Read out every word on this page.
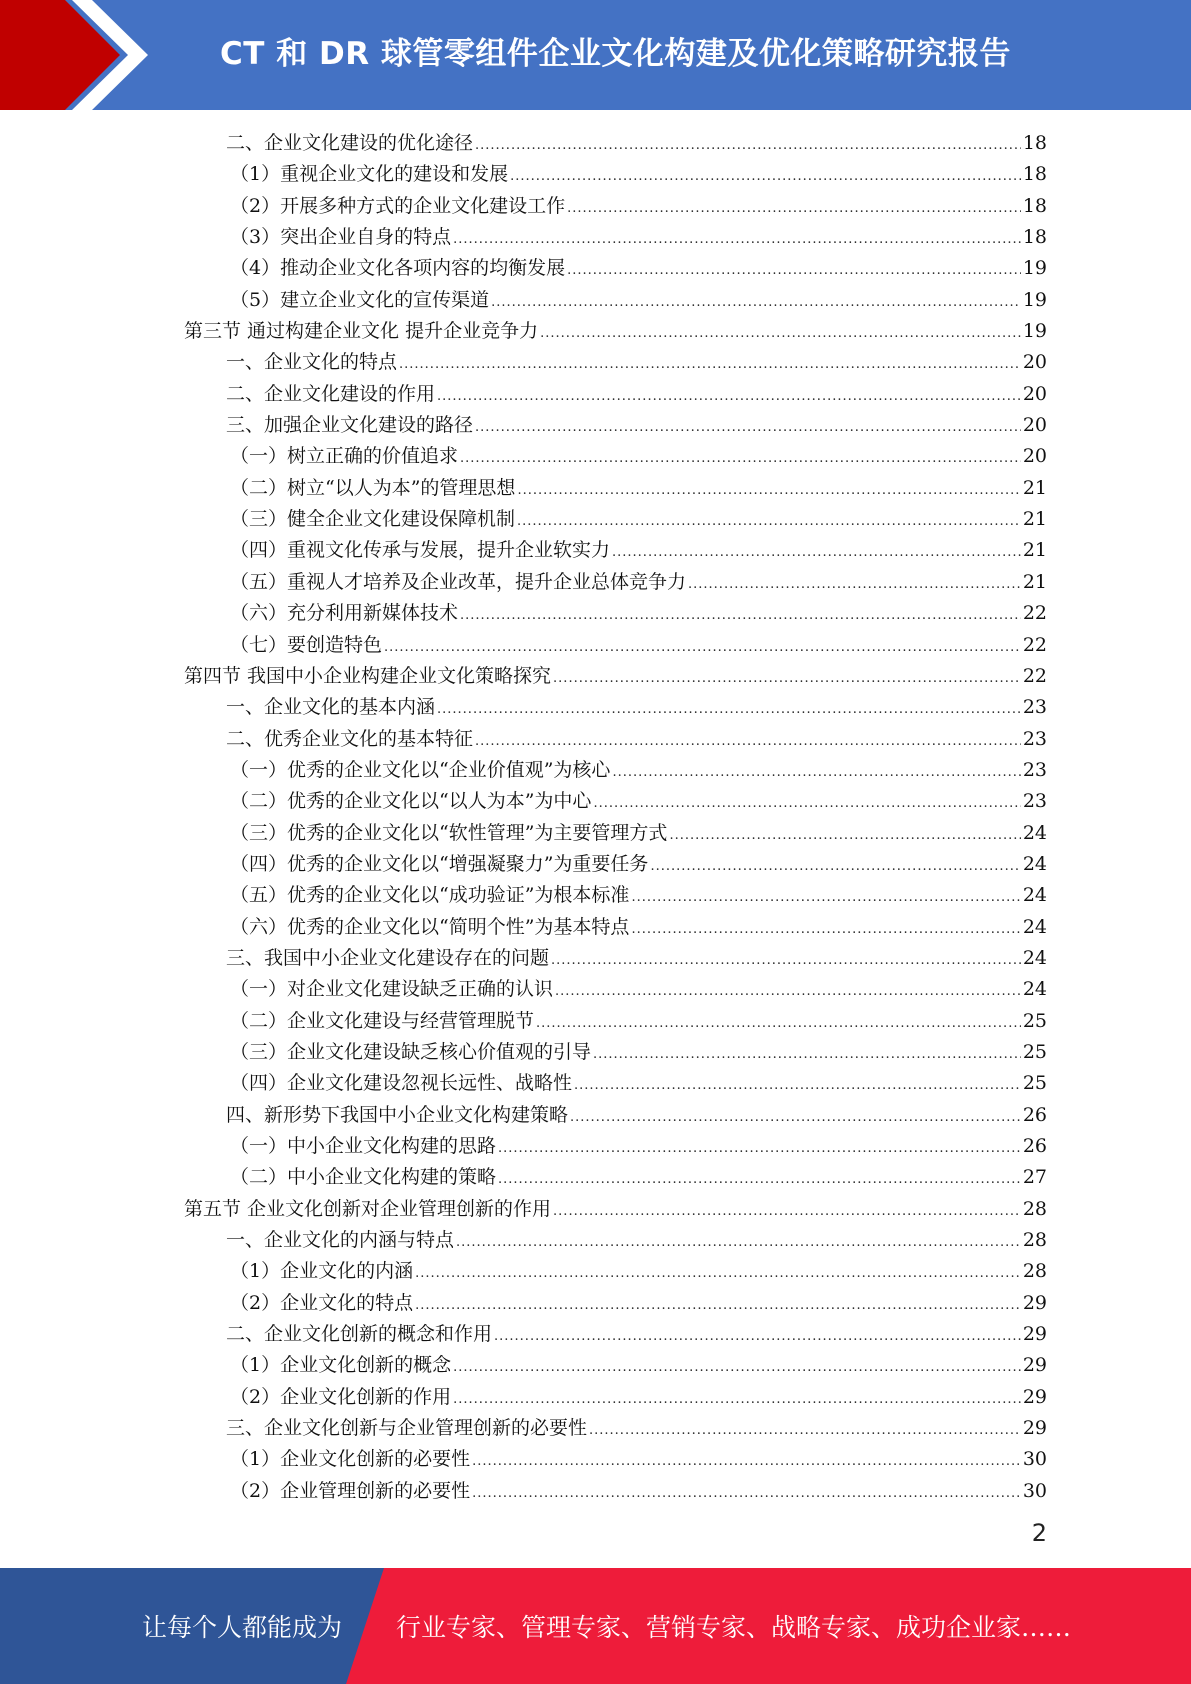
CT 和 DR 球管零组件企业文化构建及优化策略研究报告
二、企业文化建设的优化途径 .....	18
（1）重视企业文化的建设和发展 .....	18
（2）开展多种方式的企业文化建设工作 .....	18
（3）突出企业自身的特点 .....	18
（4）推动企业文化各项内容的均衡发展 .....	19
（5）建立企业文化的宣传渠道 .....	19
第三节 通过构建企业文化 提升企业竞争力 .....	19
一、企业文化的特点 .....	20
二、企业文化建设的作用 .....	20
三、加强企业文化建设的路径 .....	20
（一）树立正确的价值追求 .....	20
（二）树立“以人为本”的管理思想 .....	21
（三）健全企业文化建设保障机制 .....	21
（四）重视文化传承与发展，提升企业软实力 .....	21
（五）重视人才培养及企业改革，提升企业总体竞争力 .....	21
（六）充分利用新媒体技术 .....	22
（七）要创造特色 .....	22
第四节 我国中小企业构建企业文化策略探究 .....	22
一、企业文化的基本内涵 .....	23
二、优秀企业文化的基本特征 .....	23
（一）优秀的企业文化以“企业价值观”为核心 .....	23
（二）优秀的企业文化以“以人为本”为中心 .....	23
（三）优秀的企业文化以“软性管理”为主要管理方式 .....	24
（四）优秀的企业文化以“增强凝聚力”为重要任务 .....	24
（五）优秀的企业文化以“成功验证”为根本标准 .....	24
（六）优秀的企业文化以“简明个性”为基本特点 .....	24
三、我国中小企业文化建设存在的问题 .....	24
（一）对企业文化建设缺乏正确的认识 .....	24
（二）企业文化建设与经营管理脱节 .....	25
（三）企业文化建设缺乏核心价值观的引导 .....	25
（四）企业文化建设忽视长远性、战略性 .....	25
四、新形势下我国中小企业文化构建策略 .....	26
（一）中小企业文化构建的思路 .....	26
（二）中小企业文化构建的策略 .....	27
第五节 企业文化创新对企业管理创新的作用 .....	28
一、企业文化的内涵与特点 .....	28
（1）企业文化的内涵 .....	28
（2）企业文化的特点 .....	29
二、企业文化创新的概念和作用 .....	29
（1）企业文化创新的概念 .....	29
（2）企业文化创新的作用 .....	29
三、企业文化创新与企业管理创新的必要性 .....	29
（1）企业文化创新的必要性 .....	30
（2）企业管理创新的必要性 .....	30
2
让每个人都能成为 行业专家、管理专家、营销专家、战略专家、成功企业家……
